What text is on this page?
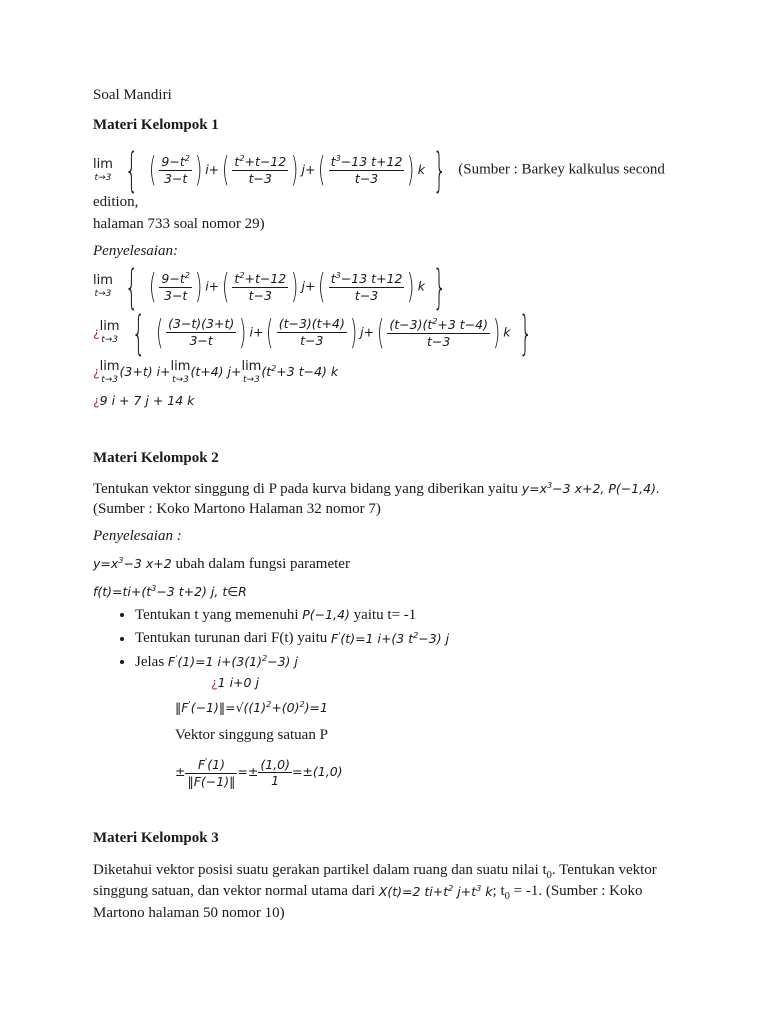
Soal Mandiri
Materi Kelompok 1
lim
t→3 { ( $\frac{9-t^2}{3-t}$ ) $i+( \frac{t^2+t-12}{t-3}$ ) $j+( \frac{t^3-13 t+12}{t-3}$ ) k } (Sumber : Barkey kalkulus second edition,
halaman 733 soal nomor 29)
Penyelesaian:
lim
t→3 { ( $\frac{9-t^2}{3-t}$ ) $i+( \frac{t^2+t-12}{t-3}$ ) $j+( \frac{t^3-13 t+12}{t-3}$ ) k }
¿lim
t→3 { ( $\frac{(3-t)(3+t)}{3-t}$ ) $i+( \frac{(t-3)(t+4)}{t-3}$ ) $j+( \frac{(t-3)(t^2+3 t-4)}{t-3}$ ) k }
¿lim
t→3
(3+t) i+lim
t→3
(t+4) j+lim
t→3
($t^2+3$ t−4) k
¿9 i + 7 j + 14 k
Materi Kelompok 2
Tentukan vektor singgung di P pada kurva bidang yang diberikan yaitu $y=x^3-3$ x+2, P(−1,4).
(Sumber : Koko Martono Halaman 32 nomor 7)
Penyelesaian :
$y=x^3-3$ x+2 ubah dalam fungsi parameter
$f(t)=ti+(t^3-3$ t+2) j, t∈R
• Tentukan t yang memenuhi P(−1,4) yaitu t= -1
• Tentukan turunan dari F(t) yaitu F'(t)=1 i+(3 $t^2-3$) j
• Jelas F'(1)=1 $i+(3(1)^2-3)$ j
¿1 i+0 j
$‖F'(-1)‖=√((1)^2+(0)^2)=1$
Vektor singgung satuan P
± $\frac{F'(1)}{‖F(-1)‖} =\pm \frac{(1,0)}{1} =\pm(1,0)$
Materi Kelompok 3
Diketahui vektor posisi suatu gerakan partikel dalam ruang dan suatu nilai $t_0$. Tentukan vektor
singgung satuan, dan vektor normal utama dari X(t)=2 $ti+t^2$ $j+t^3$ k; $t_0 = -1$. (Sumber : Koko
Martono halaman 50 nomor 10)
